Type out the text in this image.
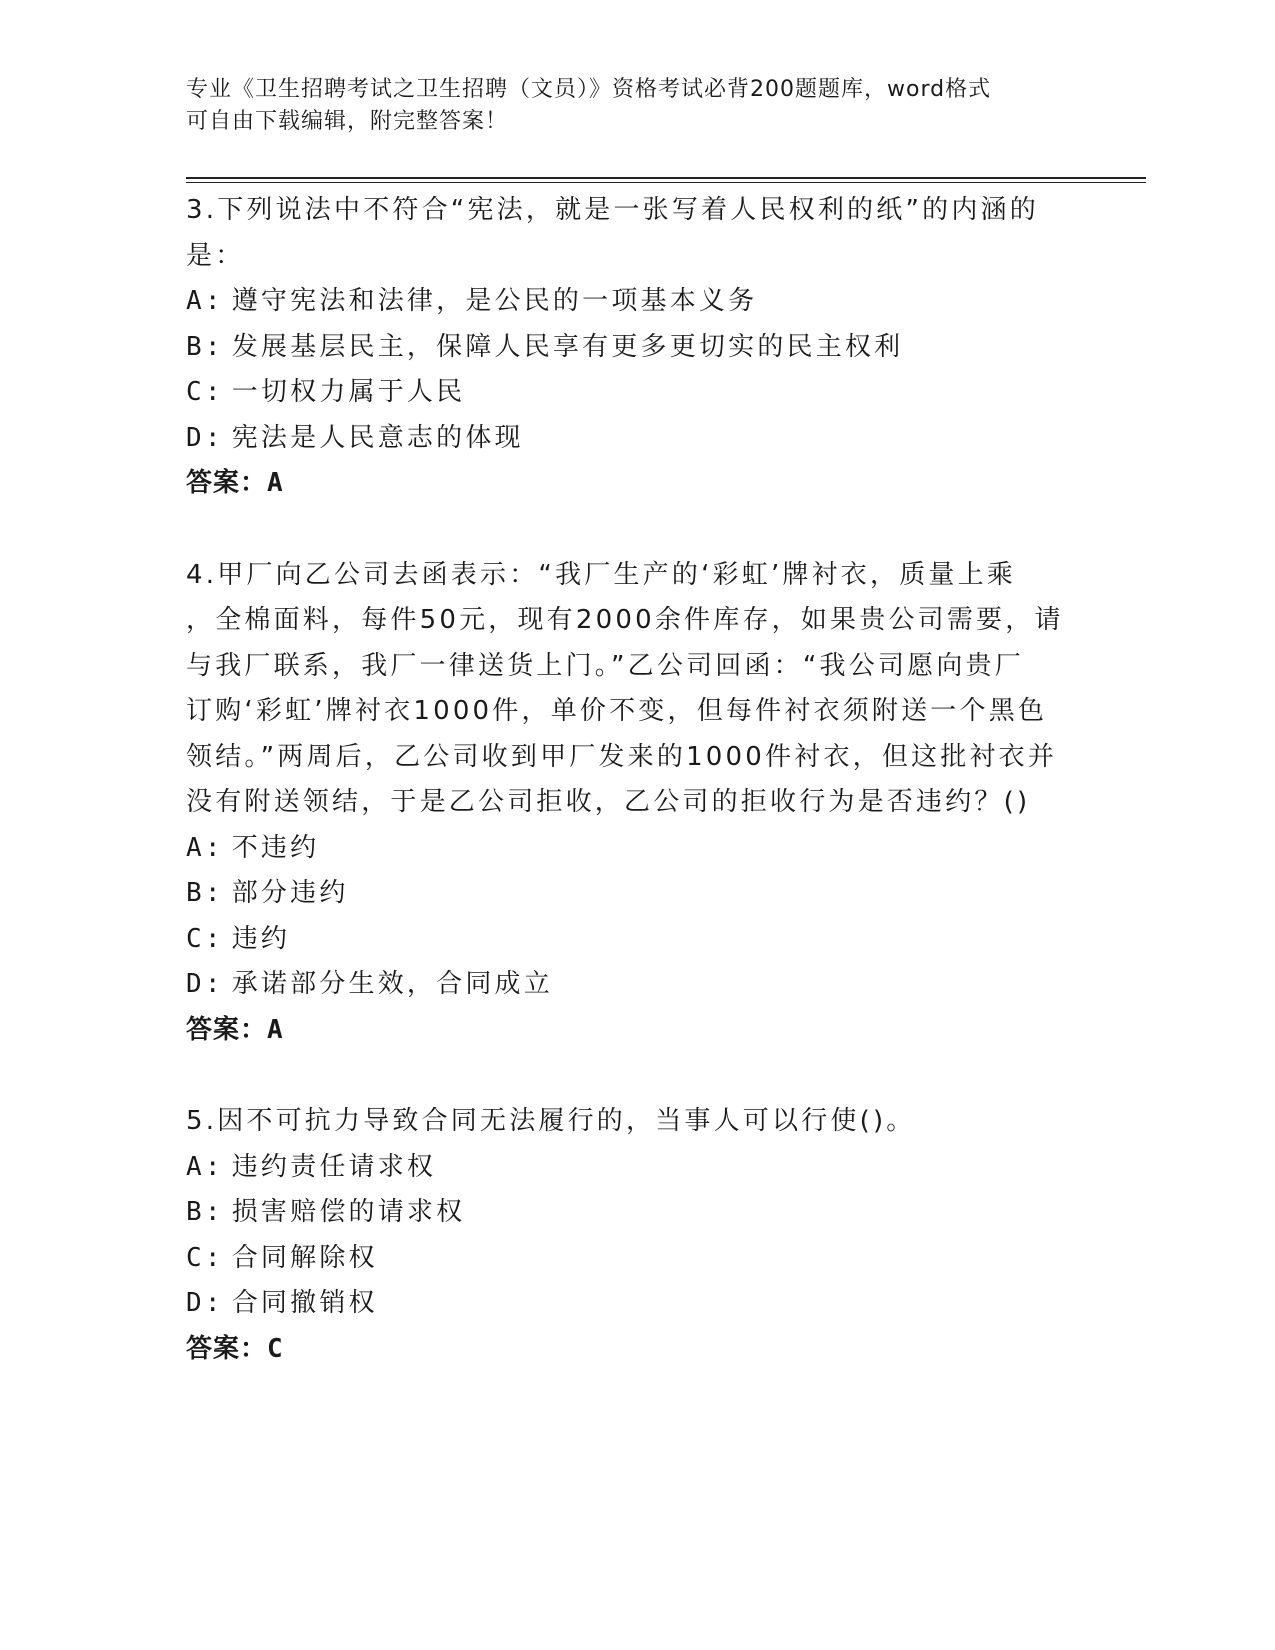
专业《卫生招聘考试之卫生招聘（文员）》资格考试必背200题题库，word格式
可自由下载编辑，附完整答案！
3.下列说法中不符合“宪法，就是一张写着人民权利的纸”的内涵的
是：
A: 遵守宪法和法律，是公民的一项基本义务
B: 发展基层民主，保障人民享有更多更切实的民主权利
C: 一切权力属于人民
D: 宪法是人民意志的体现
答案：A
4.甲厂向乙公司去函表示：“我厂生产的‘彩虹’牌衬衣，质量上乘
，全棉面料，每件50元，现有2000余件库存，如果贵公司需要，请
与我厂联系，我厂一律送货上门。”乙公司回函：“我公司愿向贵厂
订购‘彩虹’牌衬衣1000件，单价不变，但每件衬衣须附送一个黑色
领结。”两周后，乙公司收到甲厂发来的1000件衬衣，但这批衬衣并
没有附送领结，于是乙公司拒收，乙公司的拒收行为是否违约？()
A: 不违约
B: 部分违约
C: 违约
D: 承诺部分生效，合同成立
答案：A
5.因不可抗力导致合同无法履行的，当事人可以行使()。
A: 违约责任请求权
B: 损害赔偿的请求权
C: 合同解除权
D: 合同撤销权
答案：C
